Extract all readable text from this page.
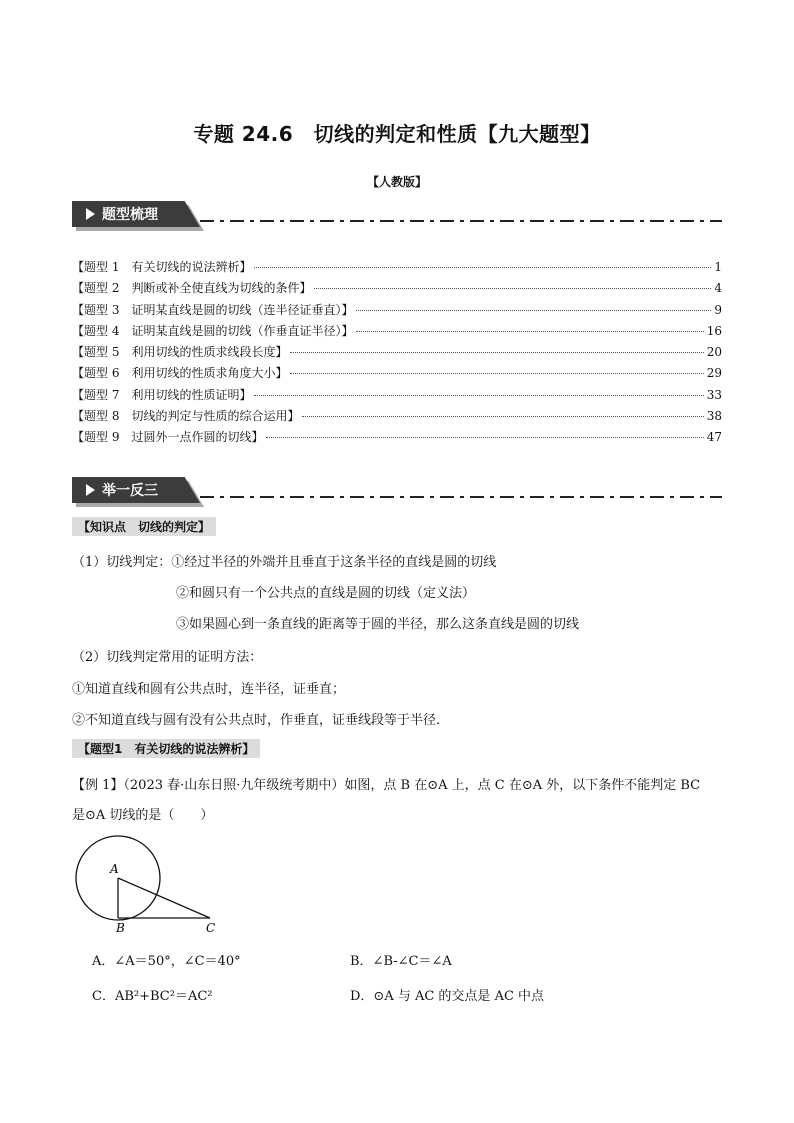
专题 24.6　切线的判定和性质【九大题型】
【人教版】
题型梳理
【题型 1　有关切线的说法辨析】	1
【题型 2　判断或补全使直线为切线的条件】	4
【题型 3　证明某直线是圆的切线（连半径证垂直）】	9
【题型 4　证明某直线是圆的切线（作垂直证半径）】	16
【题型 5　利用切线的性质求线段长度】	20
【题型 6　利用切线的性质求角度大小】	29
【题型 7　利用切线的性质证明】	33
【题型 8　切线的判定与性质的综合运用】	38
【题型 9　过圆外一点作圆的切线】	47
举一反三
【知识点　切线的判定】
（1）切线判定：①经过半径的外端并且垂直于这条半径的直线是圆的切线
②和圆只有一个公共点的直线是圆的切线（定义法）
③如果圆心到一条直线的距离等于圆的半径，那么这条直线是圆的切线
（2）切线判定常用的证明方法：
①知道直线和圆有公共点时，连半径，证垂直；
②不知道直线与圆有没有公共点时，作垂直，证垂线段等于半径．
【题型1　有关切线的说法辨析】
【例 1】（2023 春·山东日照·九年级统考期中）如图，点 B 在⊙A 上，点 C 在⊙A 外，以下条件不能判定 BC
是⊙A 切线的是（　　）
A
B	C
A．∠A＝50°，∠C＝40°	B．∠B-∠C＝∠A
C．AB²+BC²＝AC²	D．⊙A 与 AC 的交点是 AC 中点
